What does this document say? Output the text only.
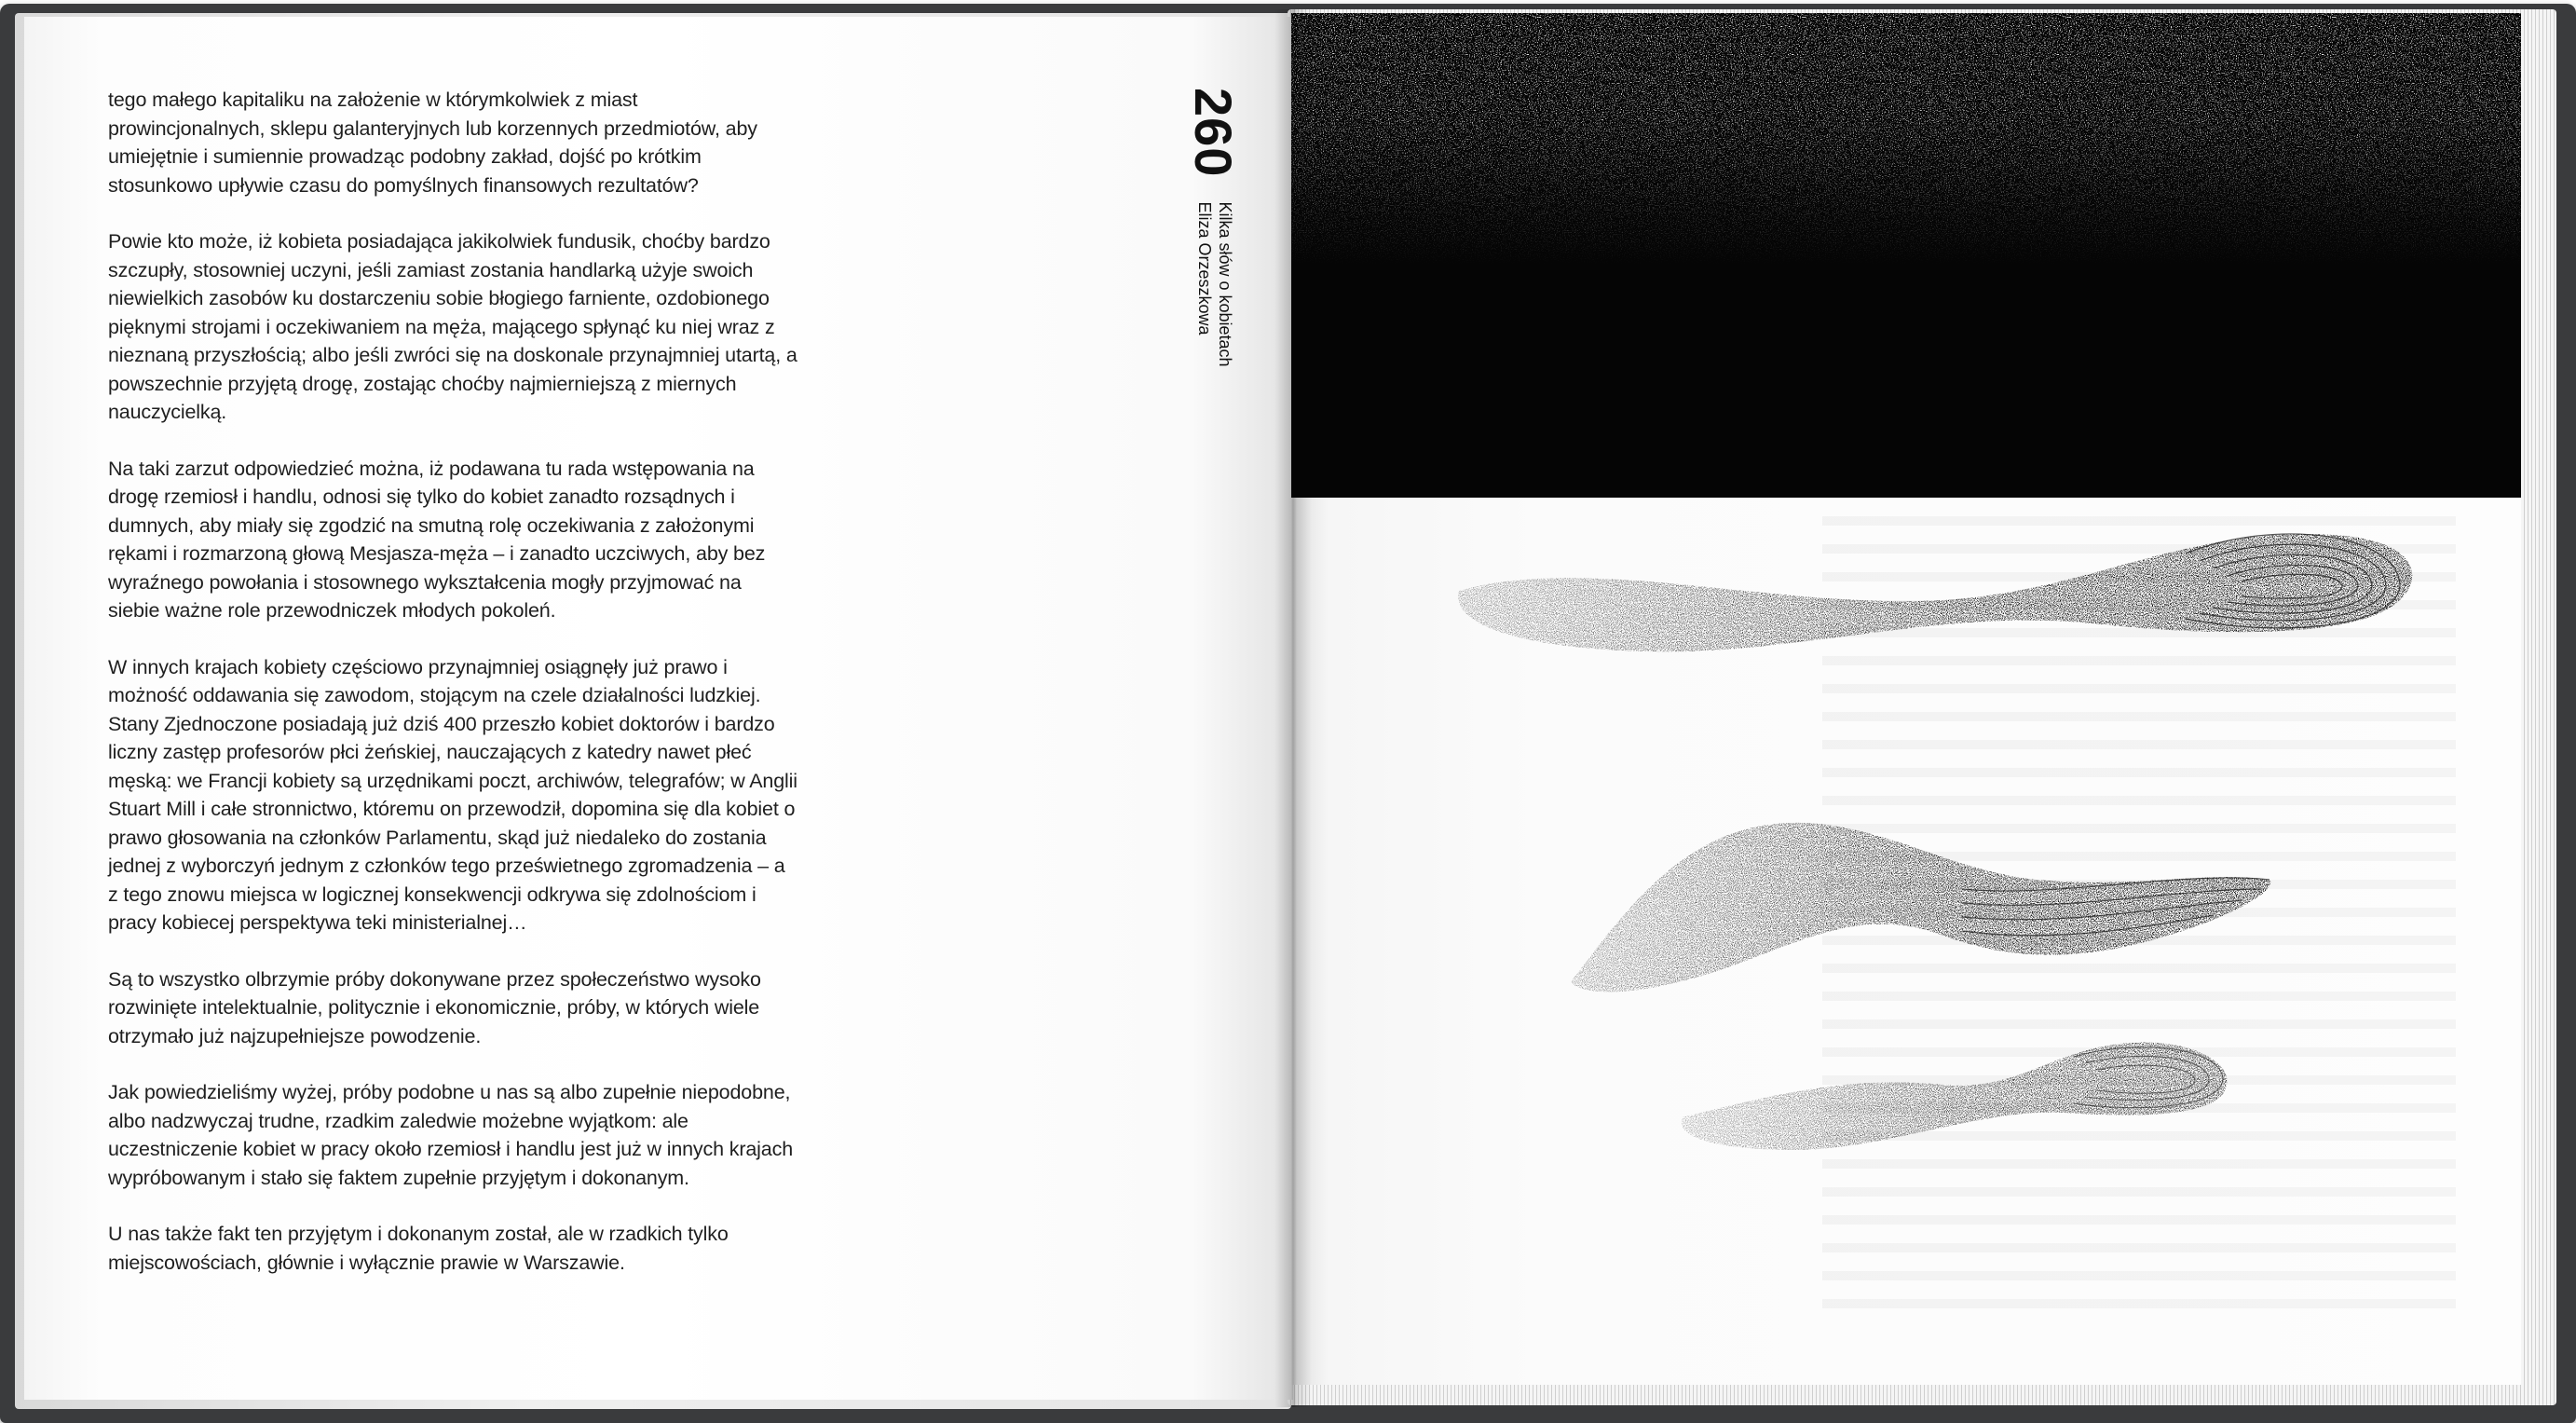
tego małego kapitaliku na założenie w którymkolwiek z miast prowincjonalnych, sklepu galanteryjnych lub korzennych przedmiotów, aby umiejętnie i sumiennie prowadząc podobny zakład, dojść po krótkim stosunkowo upływie czasu do pomyślnych finansowych rezultatów?

Powie kto może, iż kobieta posiadająca jakikolwiek fundusik, choćby bardzo szczupły, stosowniej uczyni, jeśli zamiast zostania handlarką użyje swoich niewielkich zasobów ku dostarczeniu sobie błogiego farniente, ozdobionego pięknymi strojami i oczekiwaniem na męża, mającego spłynąć ku niej wraz z nieznaną przyszłością; albo jeśli zwróci się na doskonale przynajmniej utartą, a powszechnie przyjętą drogę, zostając choćby najmierniejszą z miernych nauczycielką.

Na taki zarzut odpowiedzieć można, iż podawana tu rada wstępowania na drogę rzemiosł i handlu, odnosi się tylko do kobiet zanadto rozsądnych i dumnych, aby miały się zgodzić na smutną rolę oczekiwania z założonymi rękami i rozmarzoną głową Mesjasza-męża – i zanadto uczciwych, aby bez wyraźnego powołania i stosownego wykształcenia mogły przyjmować na siebie ważne role przewodniczek młodych pokoleń.

W innych krajach kobiety częściowo przynajmniej osiągnęły już prawo i możność oddawania się zawodom, stojącym na czele działalności ludzkiej. Stany Zjednoczone posiadają już dziś 400 przeszło kobiet doktorów i bardzo liczny zastęp profesorów płci żeńskiej, nauczających z katedry nawet płeć męską: we Francji kobiety są urzędnikami poczt, archiwów, telegrafów; w Anglii Stuart Mill i całe stronnictwo, któremu on przewodził, dopomina się dla kobiet o prawo głosowania na członków Parlamentu, skąd już niedaleko do zostania jednej z wyborczyń jednym z członków tego prześwietnego zgromadzenia – a z tego znowu miejsca w logicznej konsekwencji odkrywa się zdolnościom i pracy kobiecej perspektywa teki ministerialnej…

Są to wszystko olbrzymie próby dokonywane przez społeczeństwo wysoko rozwinięte intelektualnie, politycznie i ekonomicznie, próby, w których wiele otrzymało już najzupełniejsze powodzenie.

Jak powiedzieliśmy wyżej, próby podobne u nas są albo zupełnie niepodobne, albo nadzwyczaj trudne, rzadkim zaledwie możebne wyjątkom: ale uczestniczenie kobiet w pracy około rzemiosł i handlu jest już w innych krajach wypróbowanym i stało się faktem zupełnie przyjętym i dokonanym.

U nas także fakt ten przyjętym i dokonanym został, ale w rzadkich tylko miejscowościach, głównie i wyłącznie prawie w Warszawie.

260
Kilka słów o kobietach
Eliza Orzeszkowa
